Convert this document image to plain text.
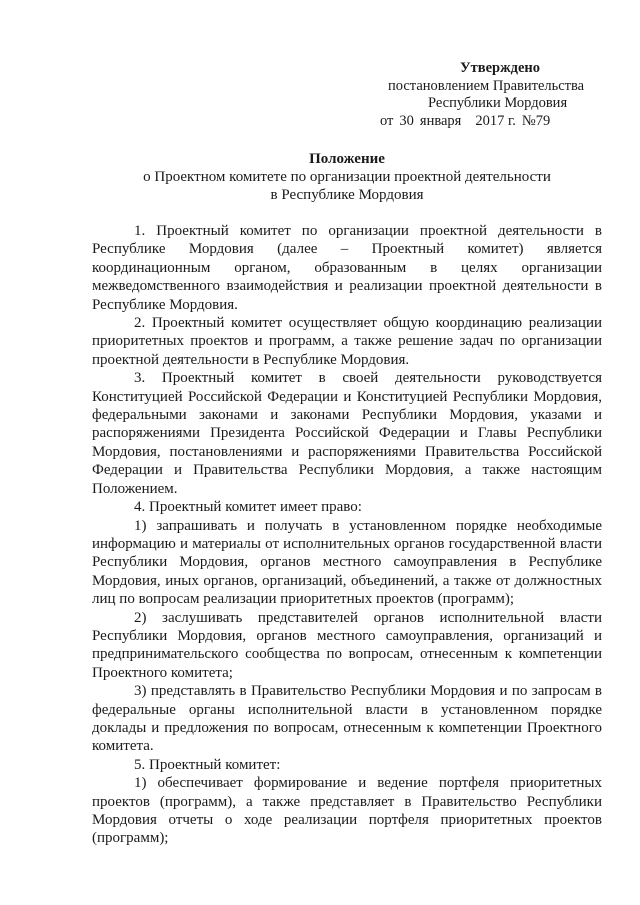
Утверждено
постановлением Правительства
Республики Мордовия
от 30 января 2017 г. №79
Положение
о Проектном комитете по организации проектной деятельности
в Республике Мордовия

1. Проектный комитет по организации проектной деятельности в Республике Мордовия (далее – Проектный комитет) является координационным органом, образованным в целях организации межведомственного взаимодействия и реализации проектной деятельности в Республике Мордовия.

2. Проектный комитет осуществляет общую координацию реализации приоритетных проектов и программ, а также решение задач по организации проектной деятельности в Республике Мордовия.

3. Проектный комитет в своей деятельности руководствуется Конституцией Российской Федерации и Конституцией Республики Мордовия, федеральными законами и законами Республики Мордовия, указами и распоряжениями Президента Российской Федерации и Главы Республики Мордовия, постановлениями и распоряжениями Правительства Российской Федерации и Правительства Республики Мордовия, а также настоящим Положением.

4. Проектный комитет имеет право:

1) запрашивать и получать в установленном порядке необходимые информацию и материалы от исполнительных органов государственной власти Республики Мордовия, органов местного самоуправления в Республике Мордовия, иных органов, организаций, объединений, а также от должностных лиц по вопросам реализации приоритетных проектов (программ);

2) заслушивать представителей органов исполнительной власти Республики Мордовия, органов местного самоуправления, организаций и предпринимательского сообщества по вопросам, отнесенным к компетенции Проектного комитета;

3) представлять в Правительство Республики Мордовия и по запросам в федеральные органы исполнительной власти в установленном порядке доклады и предложения по вопросам, отнесенным к компетенции Проектного комитета.

5. Проектный комитет:

1) обеспечивает формирование и ведение портфеля приоритетных проектов (программ), а также представляет в Правительство Республики Мордовия отчеты о ходе реализации портфеля приоритетных проектов (программ);
